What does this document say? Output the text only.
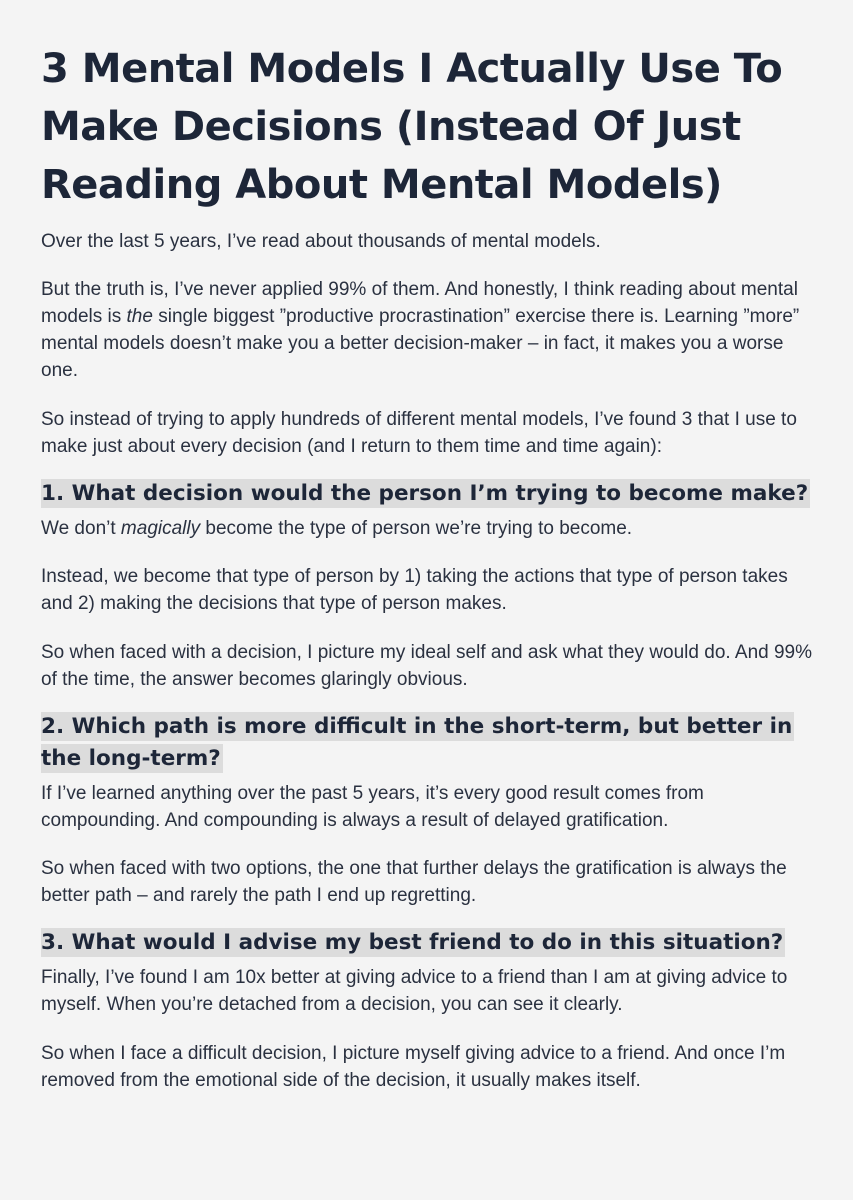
3 Mental Models I Actually Use To Make Decisions (Instead Of Just Reading About Mental Models)

Over the last 5 years, I’ve read about thousands of mental models.

But the truth is, I’ve never applied 99% of them. And honestly, I think reading about mental models is the single biggest ”productive procrastination” exercise there is. Learning ”more” mental models doesn’t make you a better decision-maker – in fact, it makes you a worse one.

So instead of trying to apply hundreds of different mental models, I’ve found 3 that I use to make just about every decision (and I return to them time and time again):

1. What decision would the person I’m trying to become make?

We don’t magically become the type of person we’re trying to become.

Instead, we become that type of person by 1) taking the actions that type of person takes and 2) making the decisions that type of person makes.

So when faced with a decision, I picture my ideal self and ask what they would do. And 99% of the time, the answer becomes glaringly obvious.

2. Which path is more difficult in the short-term, but better in the long-term?

If I’ve learned anything over the past 5 years, it’s every good result comes from compounding. And compounding is always a result of delayed gratification.

So when faced with two options, the one that further delays the gratification is always the better path – and rarely the path I end up regretting.

3. What would I advise my best friend to do in this situation?

Finally, I’ve found I am 10x better at giving advice to a friend than I am at giving advice to myself. When you’re detached from a decision, you can see it clearly.

So when I face a difficult decision, I picture myself giving advice to a friend. And once I’m removed from the emotional side of the decision, it usually makes itself.
